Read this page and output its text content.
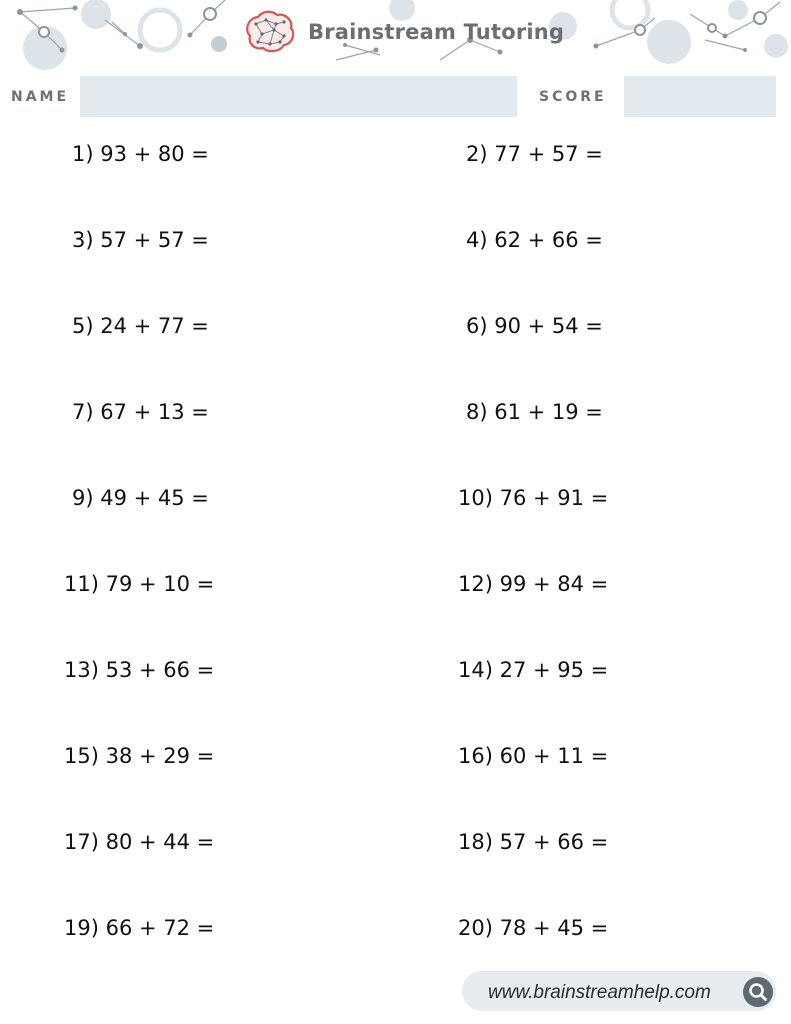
Brainstream Tutoring
NAME	SCORE
1) 93 + 80 =
3) 57 + 57 =
5) 24 + 77 =
7) 67 + 13 =
9) 49 + 45 =
11) 79 + 10 =
13) 53 + 66 =
15) 38 + 29 =
17) 80 + 44 =
19) 66 + 72 =
2) 77 + 57 =
4) 62 + 66 =
6) 90 + 54 =
8) 61 + 19 =
10) 76 + 91 =
12) 99 + 84 =
14) 27 + 95 =
16) 60 + 11 =
18) 57 + 66 =
20) 78 + 45 =
www.brainstreamhelp.com
